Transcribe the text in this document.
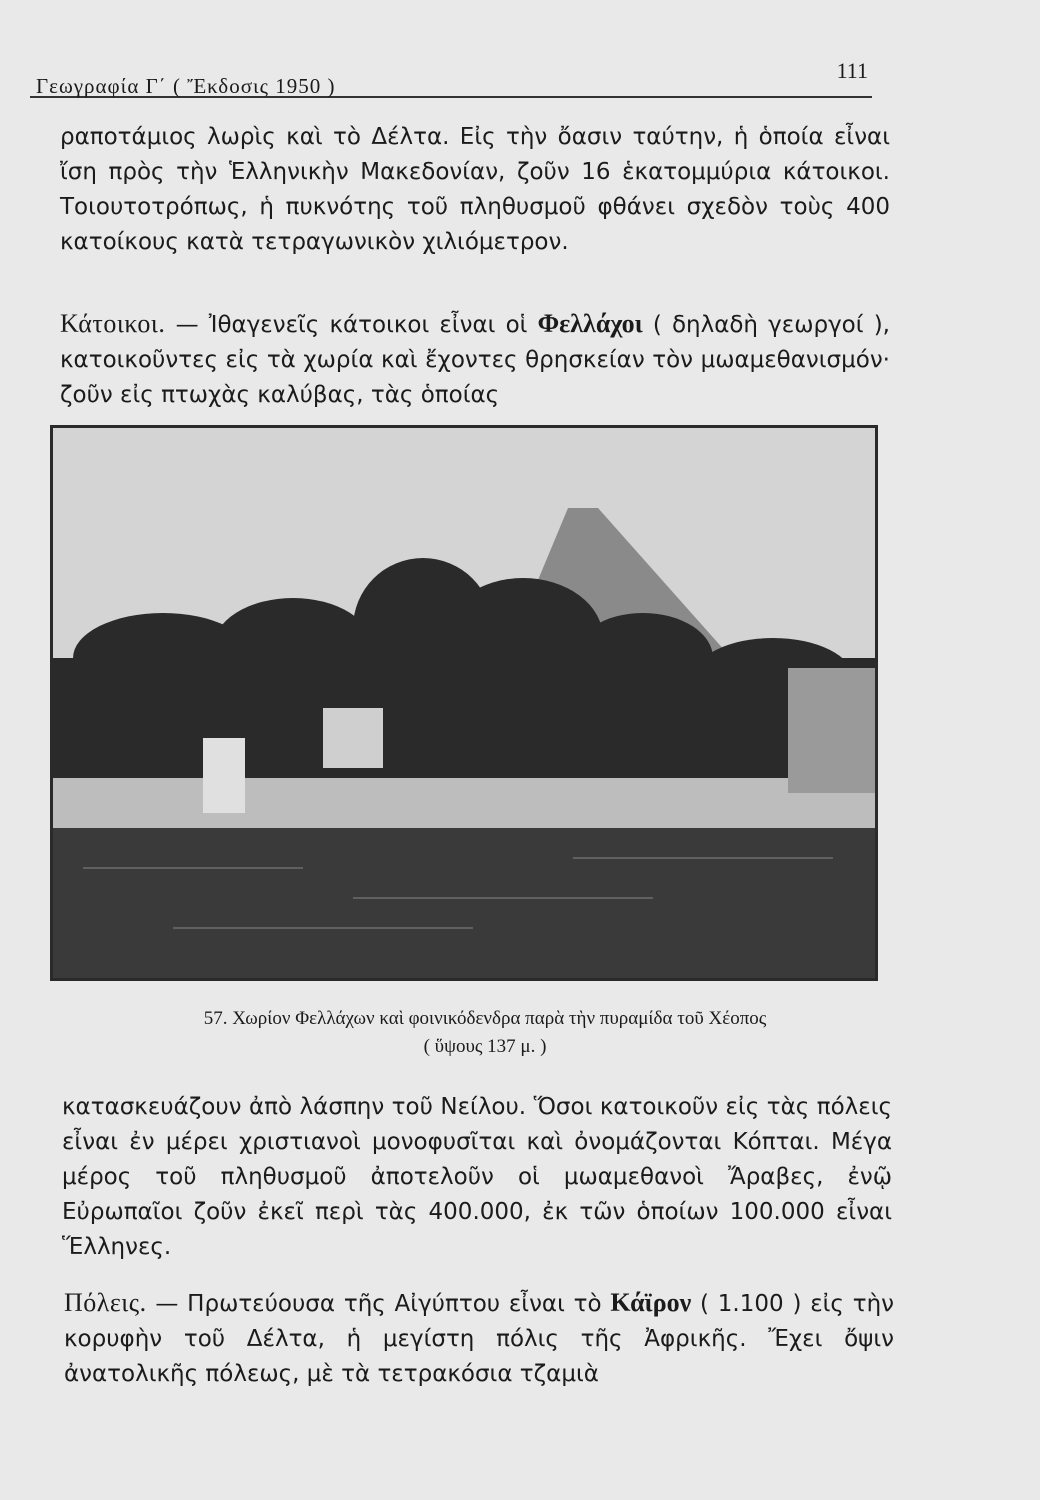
Γεωγραφία Γ΄ ( Ἔκδοσις 1950 )
111

ραποτάμιος λωρὶς καὶ τὸ Δέλτα. Εἰς τὴν ὄασιν ταύτην, ἡ ὁποία εἶναι ἴση πρὸς τὴν Ἑλληνικὴν Μακεδονίαν, ζοῦν 16 ἑκατομμύρια κάτοικοι. Τοιουτοτρόπως, ἡ πυκνότης τοῦ πληθυσμοῦ φθάνει σχεδὸν τοὺς 400 κατοίκους κατὰ τετραγωνικὸν χιλιόμετρον.

Κάτοικοι. — Ἰθαγενεῖς κάτοικοι εἶναι οἱ Φελλάχοι ( δηλαδὴ γεωργοί ), κατοικοῦντες εἰς τὰ χωρία καὶ ἔχοντες θρησκείαν τὸν μωαμεθανισμόν· ζοῦν εἰς πτωχὰς καλύβας, τὰς ὁποίας

57. Χωρίον Φελλάχων καὶ φοινικόδενδρα παρὰ τὴν πυραμίδα τοῦ Χέοπος
( ὕψους 137 μ. )

κατασκευάζουν ἀπὸ λάσπην τοῦ Νείλου. Ὅσοι κατοικοῦν εἰς τὰς πόλεις εἶναι ἐν μέρει χριστιανοὶ μονοφυσῖται καὶ ὀνομάζονται Κόπται. Μέγα μέρος τοῦ πληθυσμοῦ ἀποτελοῦν οἱ μωαμεθανοὶ Ἄραβες, ἐνῷ Εὐρωπαῖοι ζοῦν ἐκεῖ περὶ τὰς 400.000, ἐκ τῶν ὁποίων 100.000 εἶναι Ἕλληνες.

Πόλεις. — Πρωτεύουσα τῆς Αἰγύπτου εἶναι τὸ Κάϊρον ( 1.100 ) εἰς τὴν κορυφὴν τοῦ Δέλτα, ἡ μεγίστη πόλις τῆς Ἀφρικῆς. Ἔχει ὄψιν ἀνατολικῆς πόλεως, μὲ τὰ τετρακόσια τζαμιὰ
